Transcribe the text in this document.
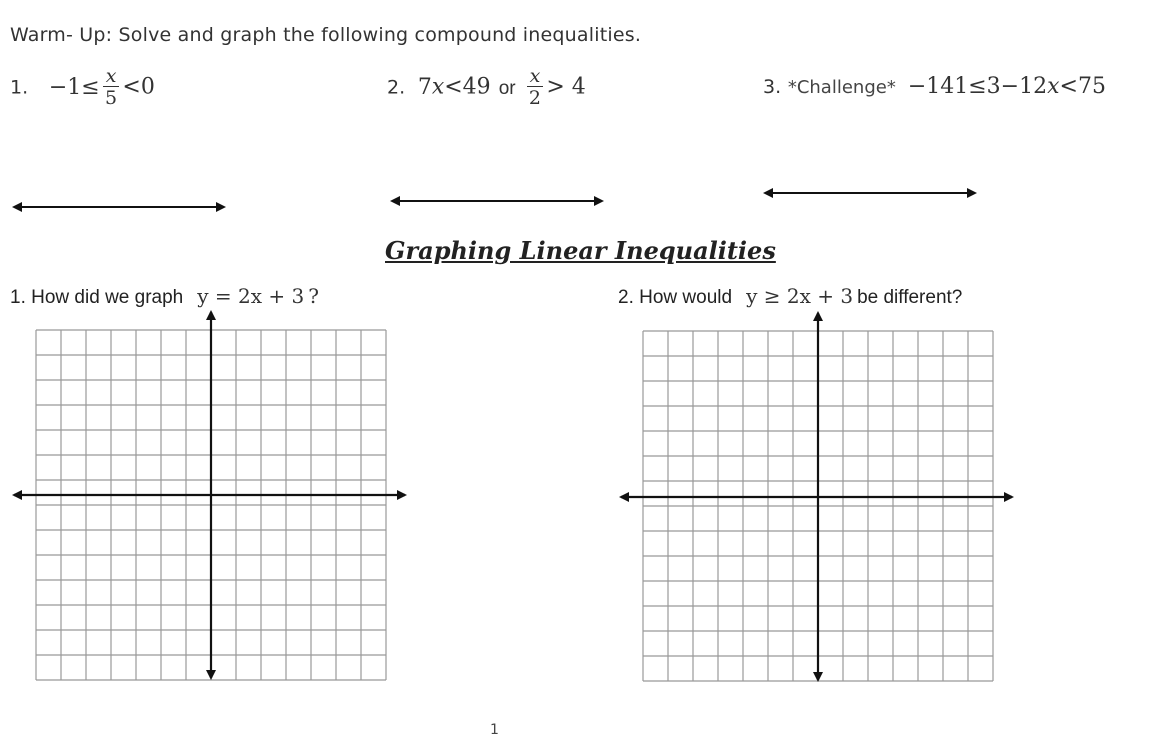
Warm- Up: Solve and graph the following compound inequalities.
1. $-1\le \frac{x}{5} <0$	2. 7x<49 or $\frac{x}{2} > 4$	3. *Challenge* −141≤3−12x<75
Graphing Linear Inequalities
1. How did we graph y = 2x + 3 ?	2. How would y ≥ 2x + 3 be different?
1
